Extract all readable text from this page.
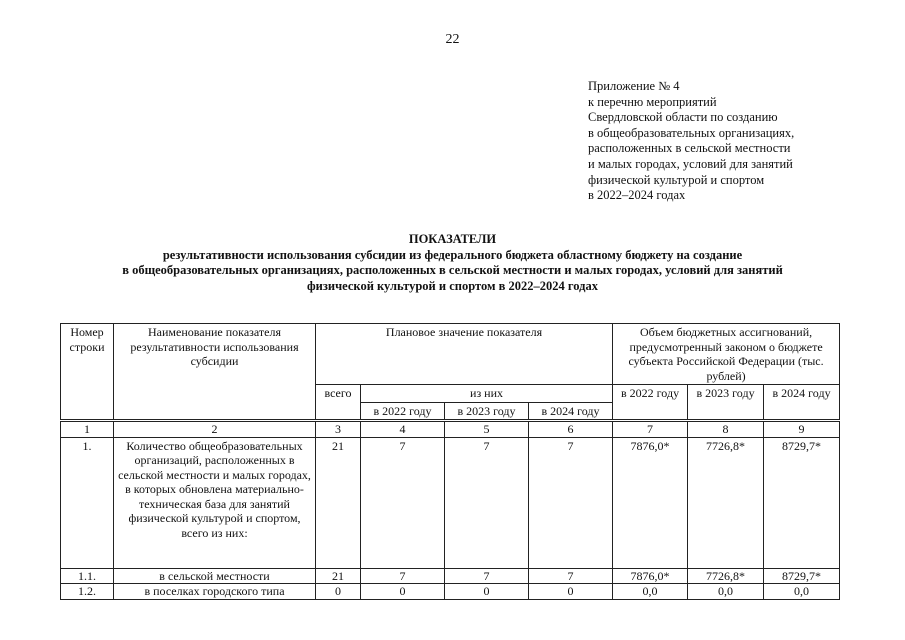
22
Приложение № 4
к перечню мероприятий
Свердловской области по созданию
в общеобразовательных организациях,
расположенных в сельской местности
и малых городах, условий для занятий
физической культурой и спортом
в 2022–2024 годах
ПОКАЗАТЕЛИ
результативности использования субсидии из федерального бюджета областному бюджету на создание
в общеобразовательных организациях, расположенных в сельской местности и малых городах, условий для занятий
физической культурой и спортом в 2022–2024 годах
Номер строки	Наименование показателя результативности использования субсидии	Плановое значение показателя				Объем бюджетных ассигнований, предусмотренный законом о бюджете субъекта Российской Федерации (тыс. рублей)		
		всего	из них			в 2022 году	в 2023 году	в 2024 году
			в 2022 году	в 2023 году	в 2024 году			
1	2	3	4	5	6	7	8	9
1.	Количество общеобразовательных организаций, расположенных в сельской местности и малых городах, в которых обновлена материально-техническая база для занятий физической культурой и спортом, всего из них:	21	7	7	7	7876,0*	7726,8*	8729,7*
1.1.	в сельской местности	21	7	7	7	7876,0*	7726,8*	8729,7*
1.2.	в поселках городского типа	0	0	0	0	0,0	0,0	0,0
